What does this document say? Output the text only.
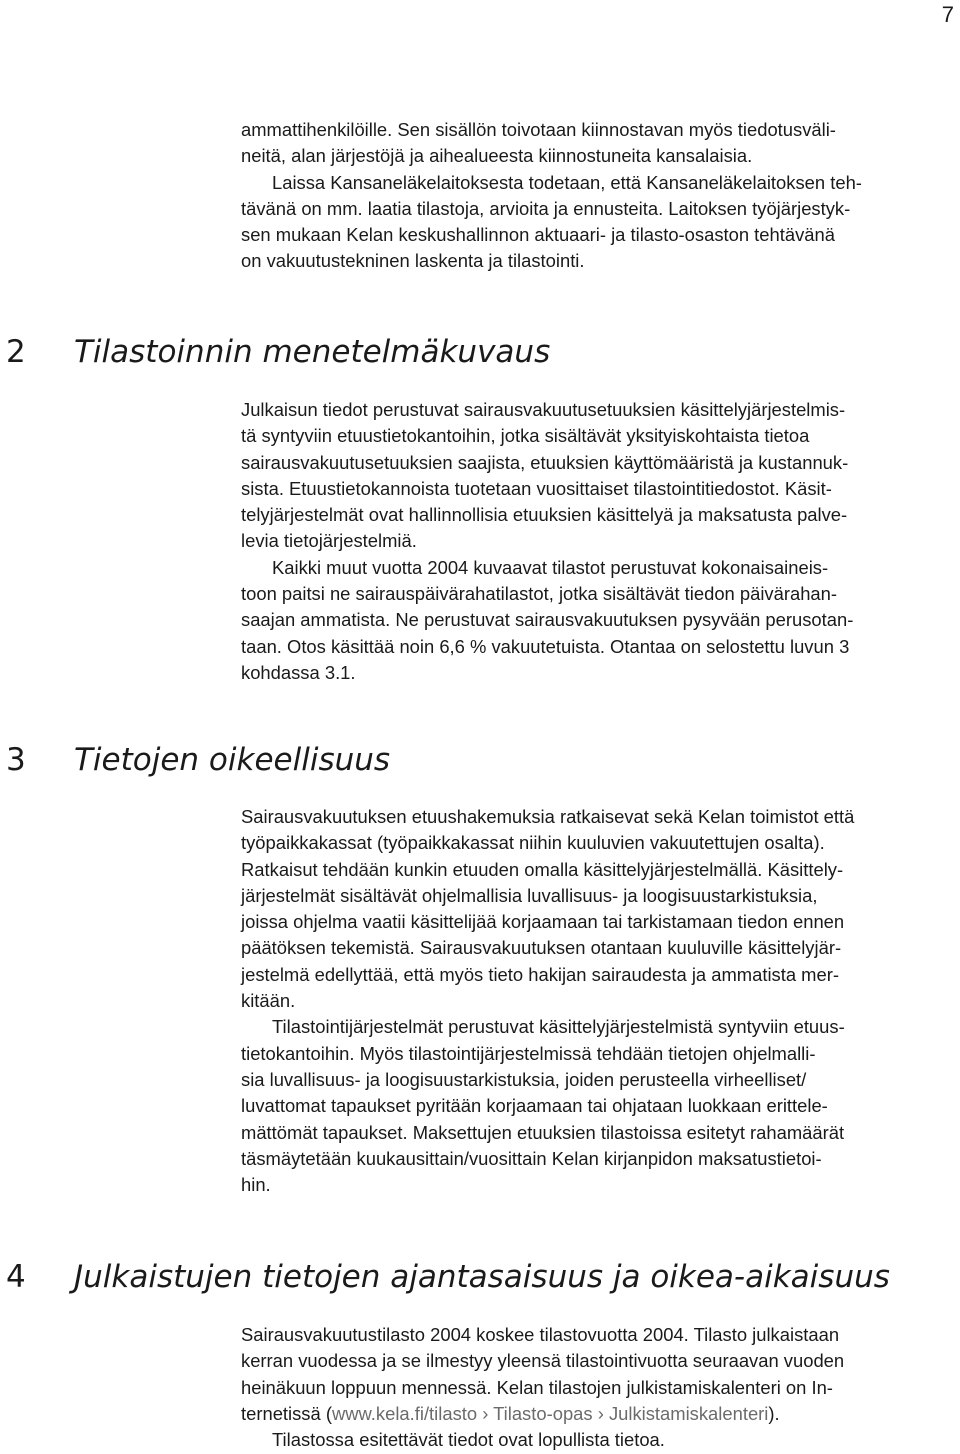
7

ammattihenkilöille. Sen sisällön toivotaan kiinnostavan myös tiedotusväli-
neitä, alan järjestöjä ja aihealueesta kiinnostuneita kansalaisia.

Laissa Kansaneläkelaitoksesta todetaan, että Kansaneläkelaitoksen teh-
tävänä on mm. laatia tilastoja, arvioita ja ennusteita. Laitoksen työjärjestyk-
sen mukaan Kelan keskushallinnon aktuaari- ja tilasto-osaston tehtävänä
on vakuutustekninen laskenta ja tilastointi.

2 Tilastoinnin menetelmäkuvaus

Julkaisun tiedot perustuvat sairausvakuutusetuuksien käsittelyjärjestelmis-
tä syntyviin etuustietokantoihin, jotka sisältävät yksityiskohtaista tietoa
sairausvakuutusetuuksien saajista, etuuksien käyttömääristä ja kustannuk-
sista. Etuustietokannoista tuotetaan vuosittaiset tilastointitiedostot. Käsit-
telyjärjestelmät ovat hallinnollisia etuuksien käsittelyä ja maksatusta palve-
levia tietojärjestelmiä.

Kaikki muut vuotta 2004 kuvaavat tilastot perustuvat kokonaisaineis-
toon paitsi ne sairauspäivärahatilastot, jotka sisältävät tiedon päivärahan-
saajan ammatista. Ne perustuvat sairausvakuutuksen pysyvään perusotan-
taan. Otos käsittää noin 6,6 % vakuutetuista. Otantaa on selostettu luvun 3
kohdassa 3.1.

3 Tietojen oikeellisuus

Sairausvakuutuksen etuushakemuksia ratkaisevat sekä Kelan toimistot että
työpaikkakassat (työpaikkakassat niihin kuuluvien vakuutettujen osalta).
Ratkaisut tehdään kunkin etuuden omalla käsittelyjärjestelmällä. Käsittely-
järjestelmät sisältävät ohjelmallisia luvallisuus- ja loogisuustarkistuksia,
joissa ohjelma vaatii käsittelijää korjaamaan tai tarkistamaan tiedon ennen
päätöksen tekemistä. Sairausvakuutuksen otantaan kuuluville käsittelyjär-
jestelmä edellyttää, että myös tieto hakijan sairaudesta ja ammatista mer-
kitään.

Tilastointijärjestelmät perustuvat käsittelyjärjestelmistä syntyviin etuus-
tietokantoihin. Myös tilastointijärjestelmissä tehdään tietojen ohjelmalli-
sia luvallisuus- ja loogisuustarkistuksia, joiden perusteella virheelliset/
luvattomat tapaukset pyritään korjaamaan tai ohjataan luokkaan erittele-
mättömät tapaukset. Maksettujen etuuksien tilastoissa esitetyt rahamäärät
täsmäytetään kuukausittain/vuosittain Kelan kirjanpidon maksatustietoi-
hin.

4 Julkaistujen tietojen ajantasaisuus ja oikea-aikaisuus

Sairausvakuutustilasto 2004 koskee tilastovuotta 2004. Tilasto julkaistaan
kerran vuodessa ja se ilmestyy yleensä tilastointivuotta seuraavan vuoden
heinäkuun loppuun mennessä. Kelan tilastojen julkistamiskalenteri on In-
ternetissä (www.kela.fi/tilasto › Tilasto-opas › Julkistamiskalenteri).

Tilastossa esitettävät tiedot ovat lopullista tietoa.
